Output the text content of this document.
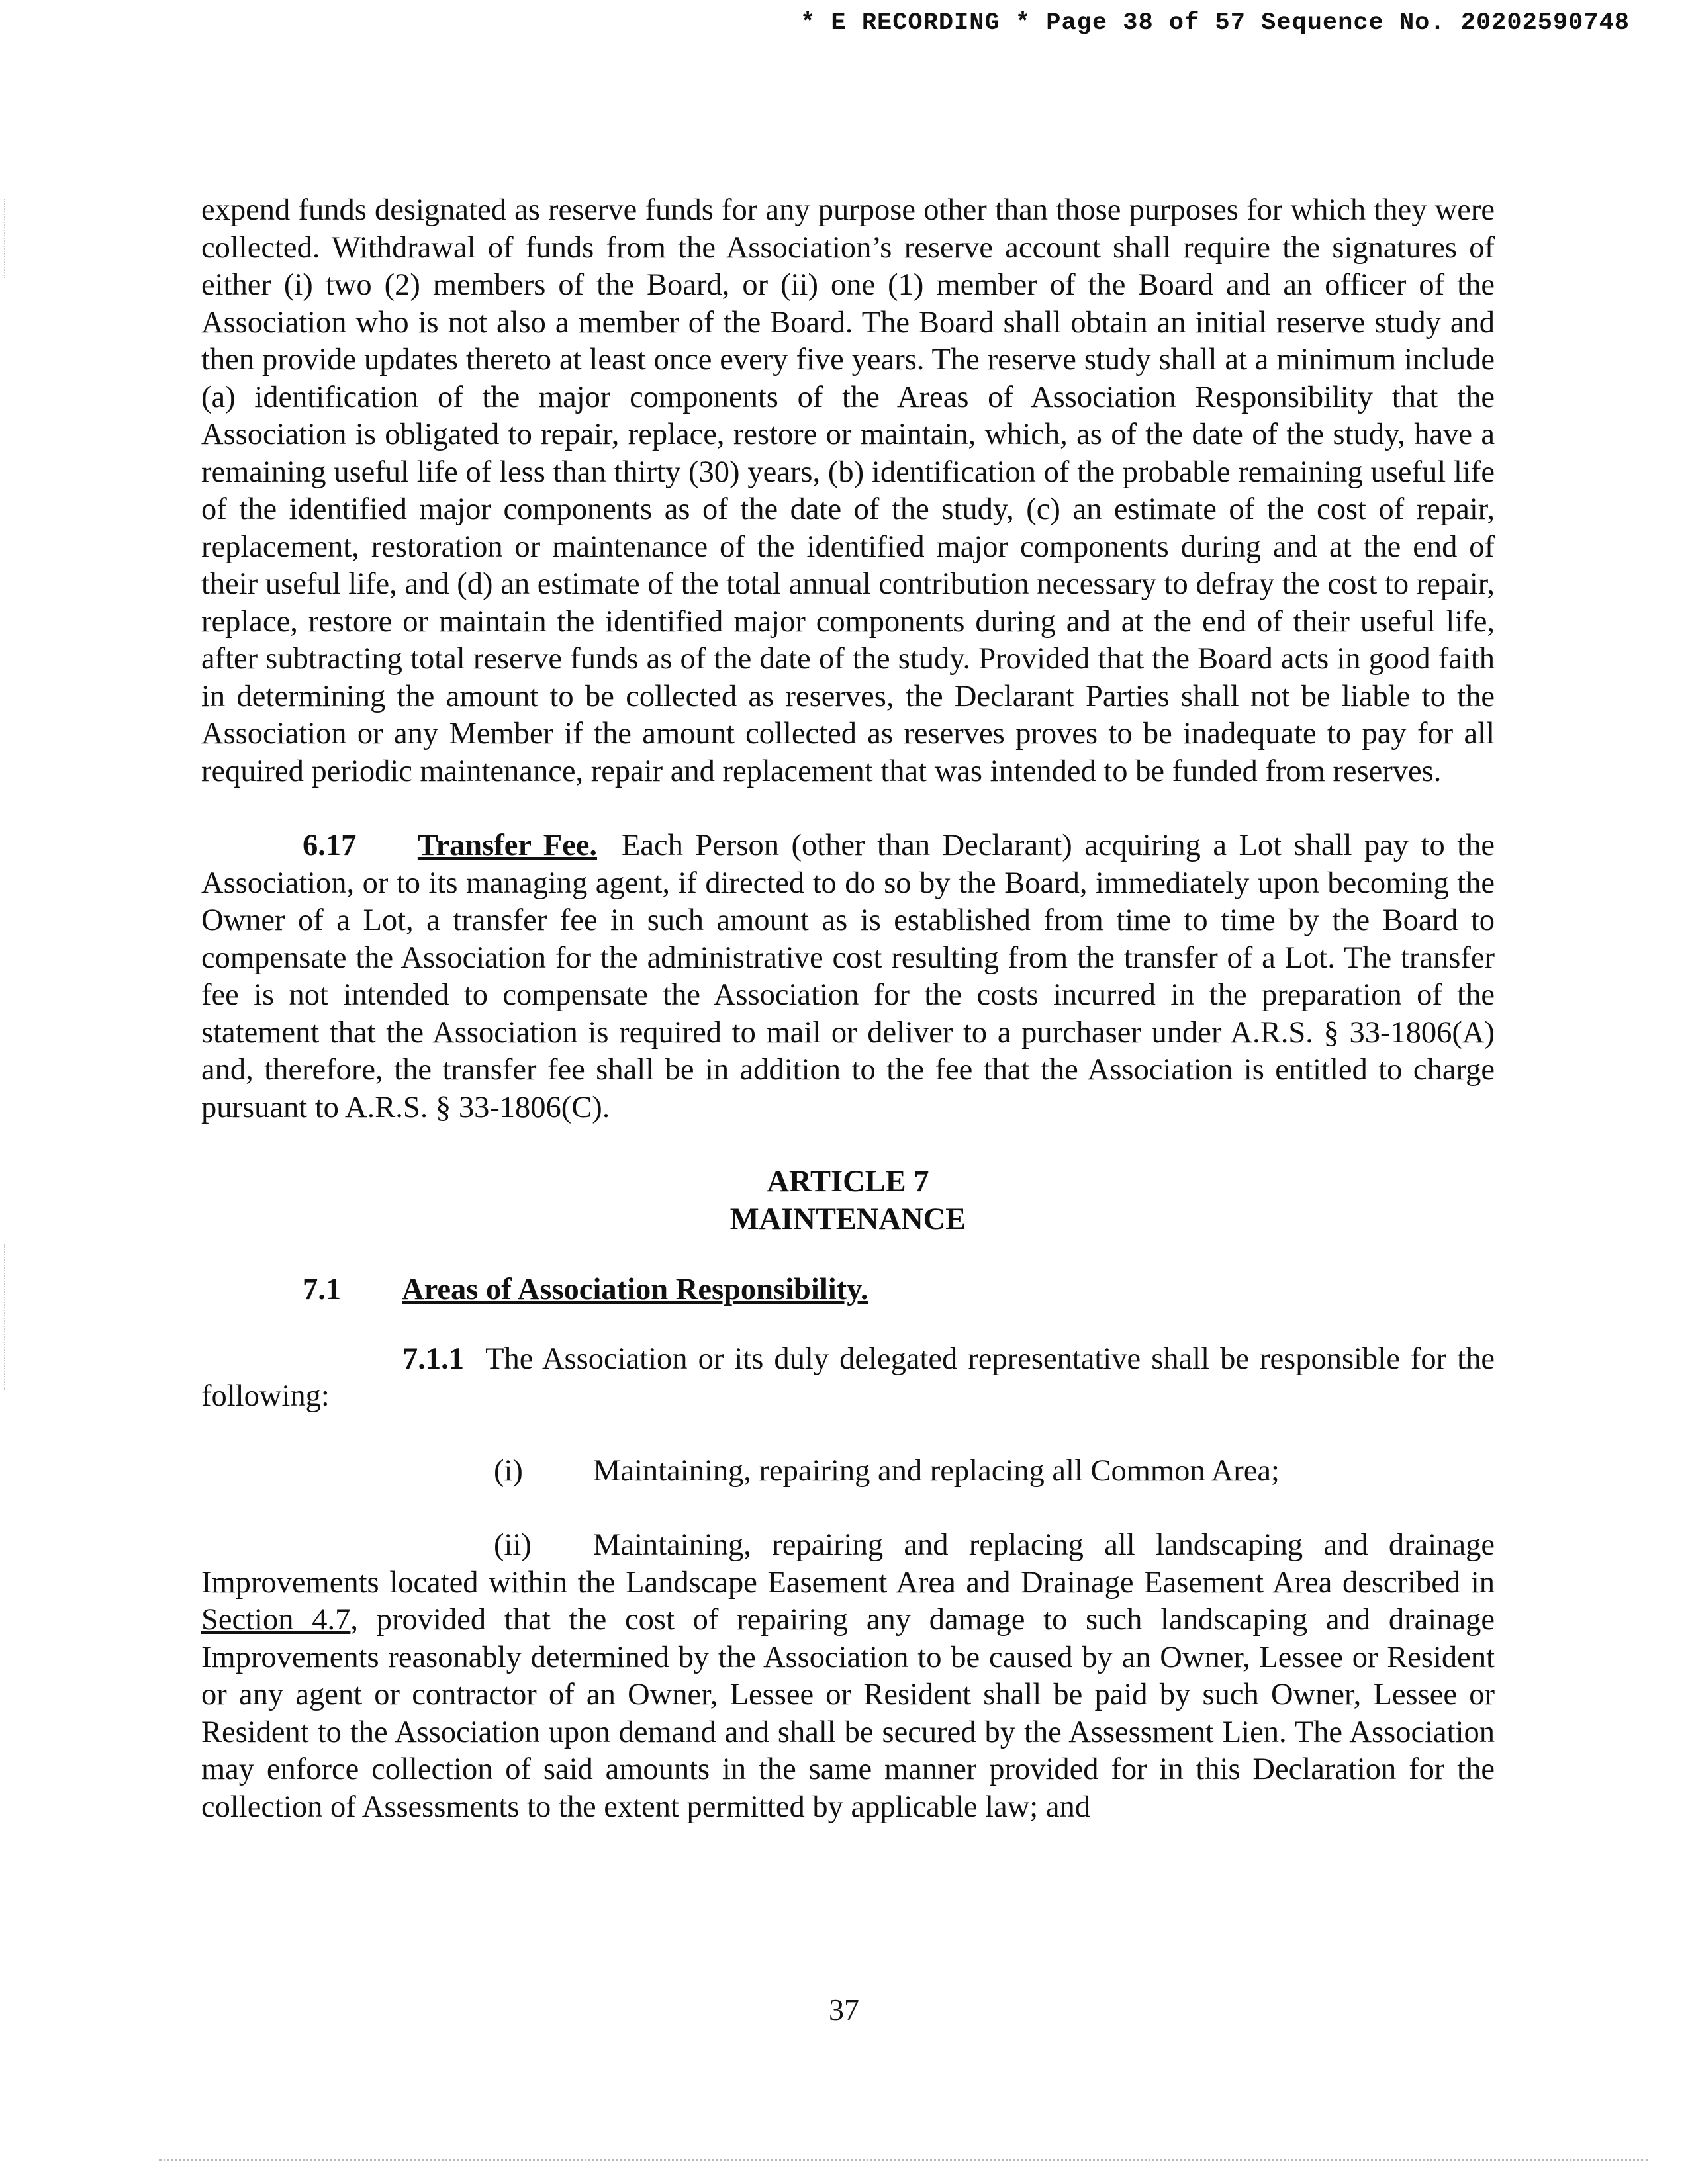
* E RECORDING * Page 38 of 57 Sequence No. 20202590748

expend funds designated as reserve funds for any purpose other than those purposes for which they were collected. Withdrawal of funds from the Association’s reserve account shall require the signatures of either (i) two (2) members of the Board, or (ii) one (1) member of the Board and an officer of the Association who is not also a member of the Board. The Board shall obtain an initial reserve study and then provide updates thereto at least once every five years. The reserve study shall at a minimum include (a) identification of the major components of the Areas of Association Responsibility that the Association is obligated to repair, replace, restore or maintain, which, as of the date of the study, have a remaining useful life of less than thirty (30) years, (b) identification of the probable remaining useful life of the identified major components as of the date of the study, (c) an estimate of the cost of repair, replacement, restoration or maintenance of the identified major components during and at the end of their useful life, and (d) an estimate of the total annual contribution necessary to defray the cost to repair, replace, restore or maintain the identified major components during and at the end of their useful life, after subtracting total reserve funds as of the date of the study. Provided that the Board acts in good faith in determining the amount to be collected as reserves, the Declarant Parties shall not be liable to the Association or any Member if the amount collected as reserves proves to be inadequate to pay for all required periodic maintenance, repair and replacement that was intended to be funded from reserves.

6.17 Transfer Fee. Each Person (other than Declarant) acquiring a Lot shall pay to the Association, or to its managing agent, if directed to do so by the Board, immediately upon becoming the Owner of a Lot, a transfer fee in such amount as is established from time to time by the Board to compensate the Association for the administrative cost resulting from the transfer of a Lot. The transfer fee is not intended to compensate the Association for the costs incurred in the preparation of the statement that the Association is required to mail or deliver to a purchaser under A.R.S. § 33-1806(A) and, therefore, the transfer fee shall be in addition to the fee that the Association is entitled to charge pursuant to A.R.S. § 33-1806(C).

ARTICLE 7
MAINTENANCE

7.1 Areas of Association Responsibility.

7.1.1 The Association or its duly delegated representative shall be responsible for the following:

(i) Maintaining, repairing and replacing all Common Area;

(ii) Maintaining, repairing and replacing all landscaping and drainage Improvements located within the Landscape Easement Area and Drainage Easement Area described in Section 4.7, provided that the cost of repairing any damage to such landscaping and drainage Improvements reasonably determined by the Association to be caused by an Owner, Lessee or Resident or any agent or contractor of an Owner, Lessee or Resident shall be paid by such Owner, Lessee or Resident to the Association upon demand and shall be secured by the Assessment Lien. The Association may enforce collection of said amounts in the same manner provided for in this Declaration for the collection of Assessments to the extent permitted by applicable law; and

37
